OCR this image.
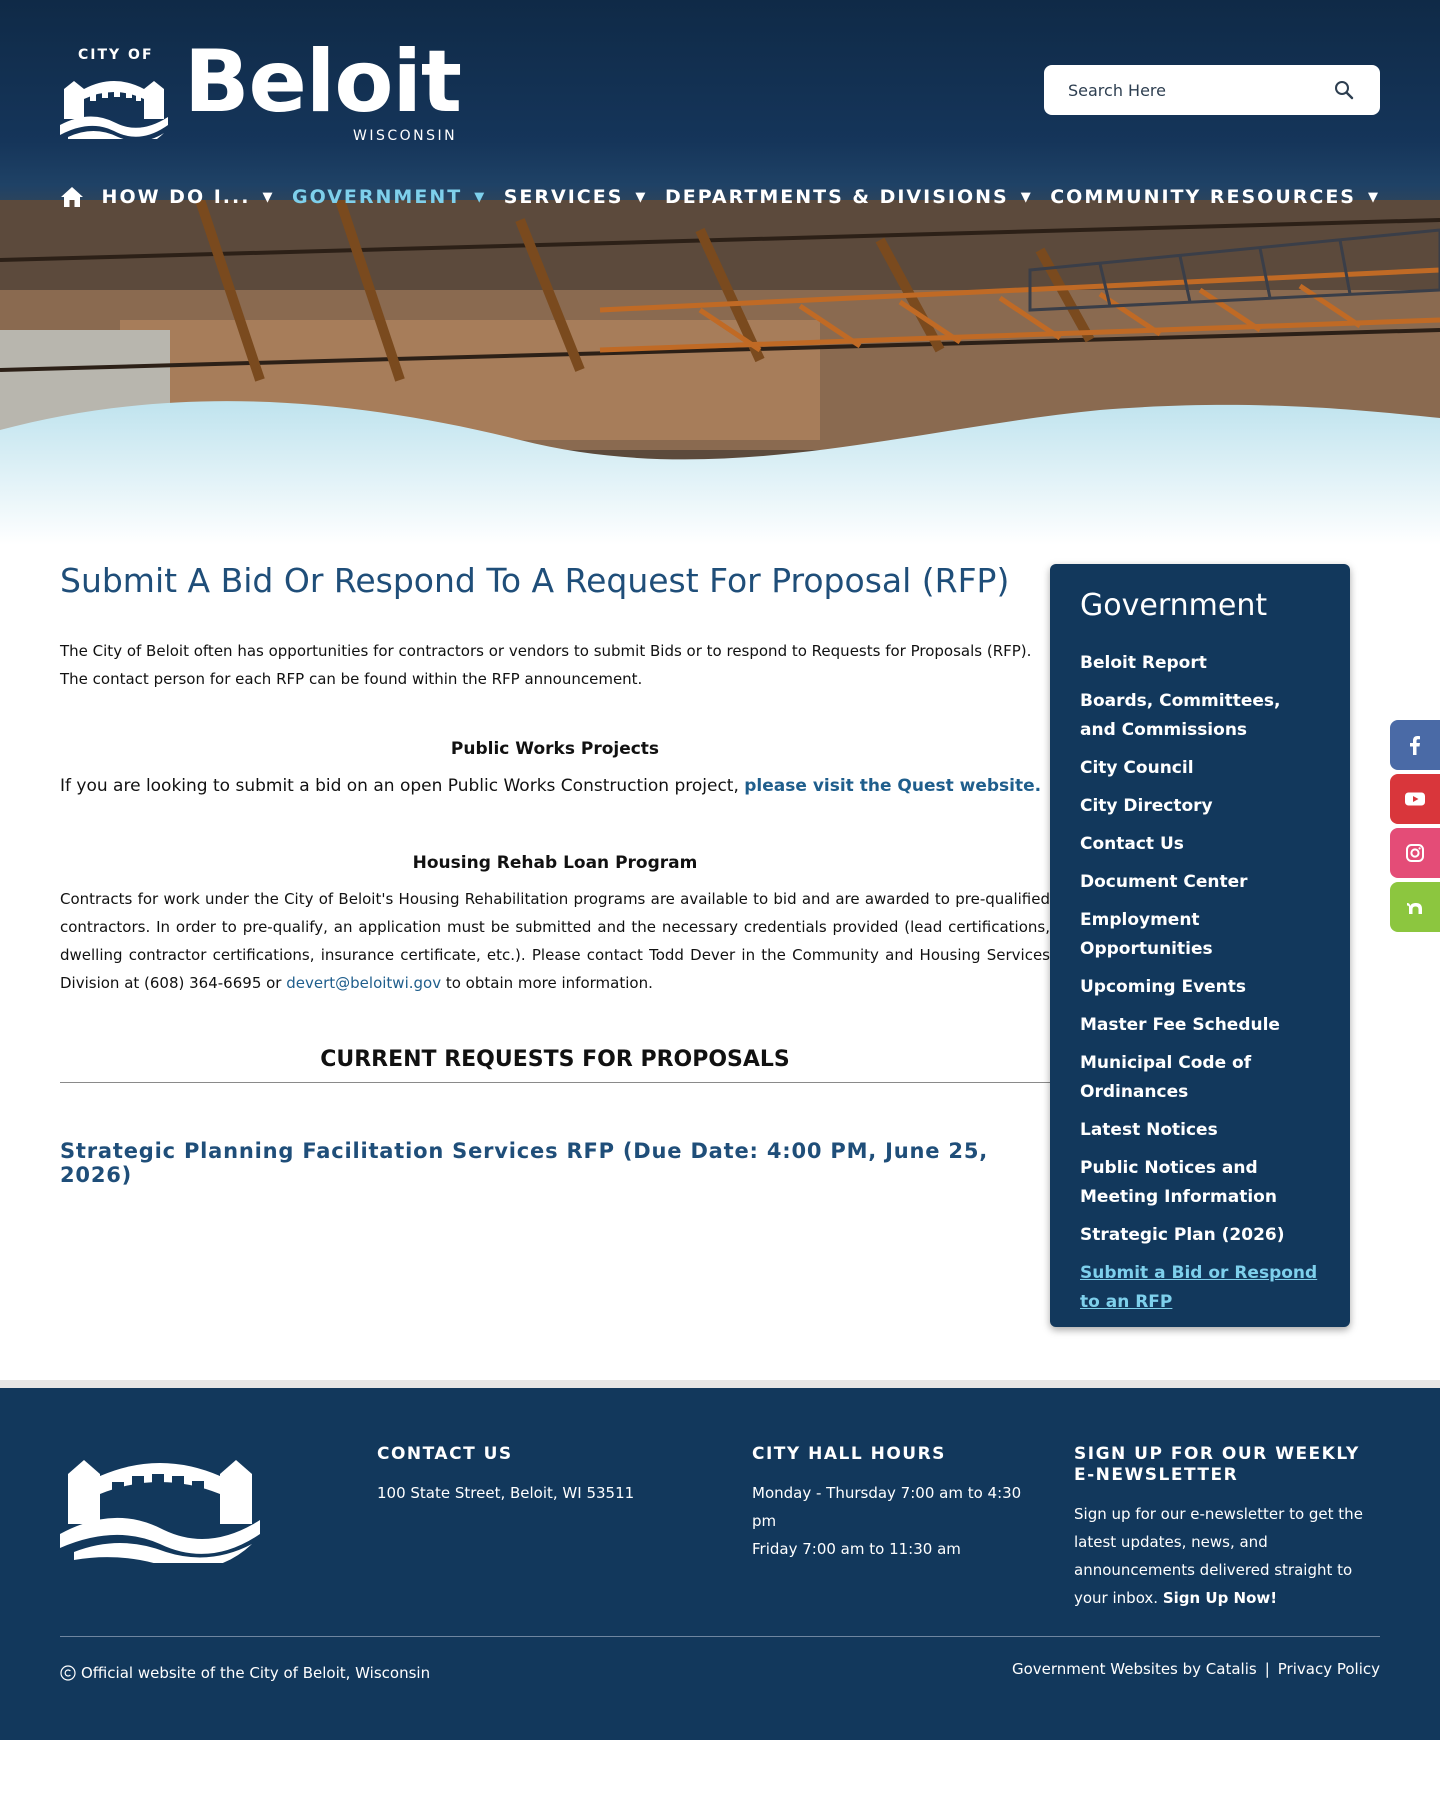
CITY OF Beloit
WISCONSIN
Search Here
HOW DO I... ▼ GOVERNMENT ▼ SERVICES ▼ DEPARTMENTS & DIVISIONS ▼ COMMUNITY RESOURCES ▼
Submit A Bid Or Respond To A Request For Proposal (RFP)

The City of Beloit often has opportunities for contractors or vendors to submit Bids or to respond to Requests for Proposals (RFP). The contact person for each RFP can be found within the RFP announcement.

Public Works Projects

If you are looking to submit a bid on an open Public Works Construction project, please visit the Quest website.

Housing Rehab Loan Program

Contracts for work under the City of Beloit's Housing Rehabilitation programs are available to bid and are awarded to pre-qualified contractors. In order to pre-qualify, an application must be submitted and the necessary credentials provided (lead certifications, dwelling contractor certifications, insurance certificate, etc.). Please contact Todd Dever in the Community and Housing Services Division at (608) 364-6695 or devert@beloitwi.gov to obtain more information.

CURRENT REQUESTS FOR PROPOSALS
Strategic Planning Facilitation Services RFP (Due Date: 4:00 PM, June 25, 2026)
Government
Beloit Report
Boards, Committees, and Commissions
City Council
City Directory
Contact Us
Document Center
Employment Opportunities
Upcoming Events
Master Fee Schedule
Municipal Code of Ordinances
Latest Notices
Public Notices and Meeting Information
Strategic Plan (2026)
Submit a Bid or Respond to an RFP
CONTACT US
100 State Street, Beloit, WI 53511
CITY HALL HOURS
Monday - Thursday 7:00 am to 4:30 pm
Friday 7:00 am to 11:30 am
SIGN UP FOR OUR WEEKLY E-NEWSLETTER
Sign up for our e-newsletter to get the latest updates, news, and announcements delivered straight to your inbox. Sign Up Now!
Official website of the City of Beloit, Wisconsin	Government Websites by Catalis | Privacy Policy
